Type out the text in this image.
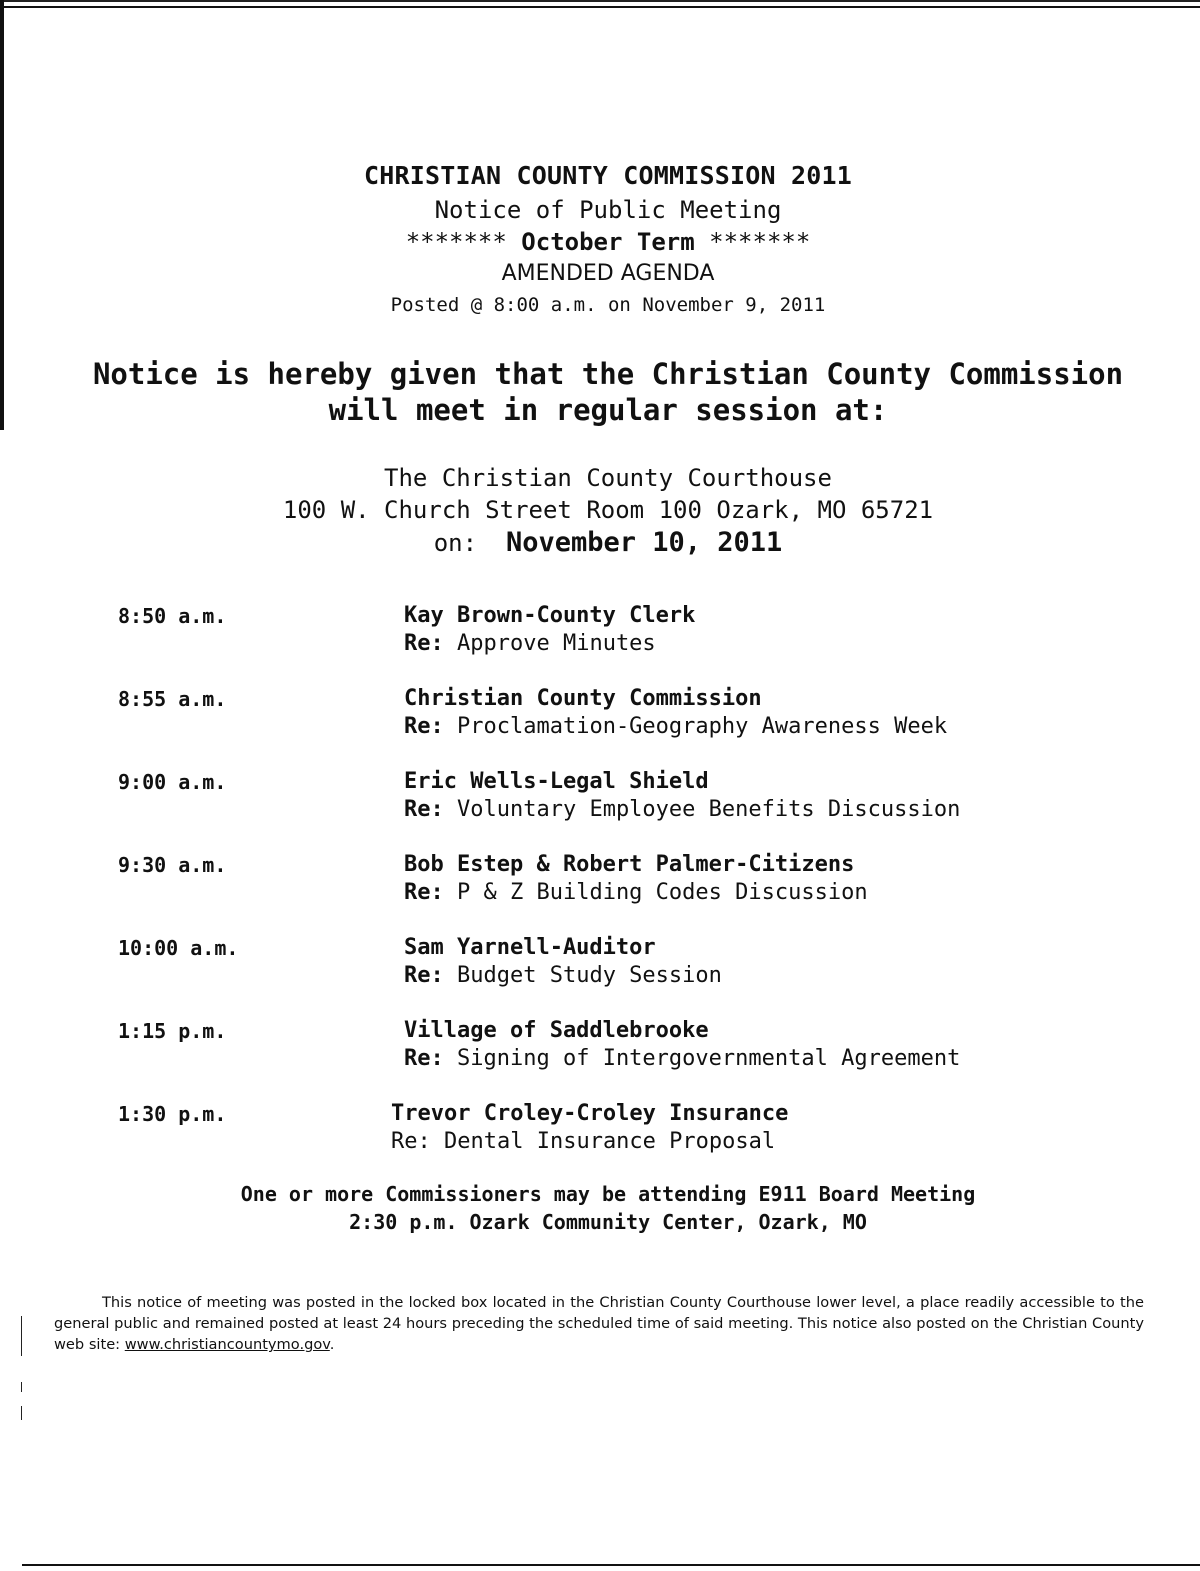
CHRISTIAN COUNTY COMMISSION 2011
Notice of Public Meeting
******* October Term *******
AMENDED AGENDA
Posted @ 8:00 a.m. on November 9, 2011
Notice is hereby given that the Christian County Commission
will meet in regular session at:
The Christian County Courthouse
100 W. Church Street Room 100 Ozark, MO 65721
on: November 10, 2011
8:50 a.m.	Kay Brown-County Clerk
Re: Approve Minutes
8:55 a.m.	Christian County Commission
Re: Proclamation-Geography Awareness Week
9:00 a.m.	Eric Wells-Legal Shield
Re: Voluntary Employee Benefits Discussion
9:30 a.m.	Bob Estep & Robert Palmer-Citizens
Re: P & Z Building Codes Discussion
10:00 a.m.	Sam Yarnell-Auditor
Re: Budget Study Session
1:15 p.m.	Village of Saddlebrooke
Re: Signing of Intergovernmental Agreement
1:30 p.m.	Trevor Croley-Croley Insurance
Re: Dental Insurance Proposal
One or more Commissioners may be attending E911 Board Meeting
2:30 p.m. Ozark Community Center, Ozark, MO
This notice of meeting was posted in the locked box located in the Christian County Courthouse lower level, a place readily accessible to the general public and remained posted at least 24 hours preceding the scheduled time of said meeting. This notice also posted on the Christian County web site: www.christiancountymo.gov.
